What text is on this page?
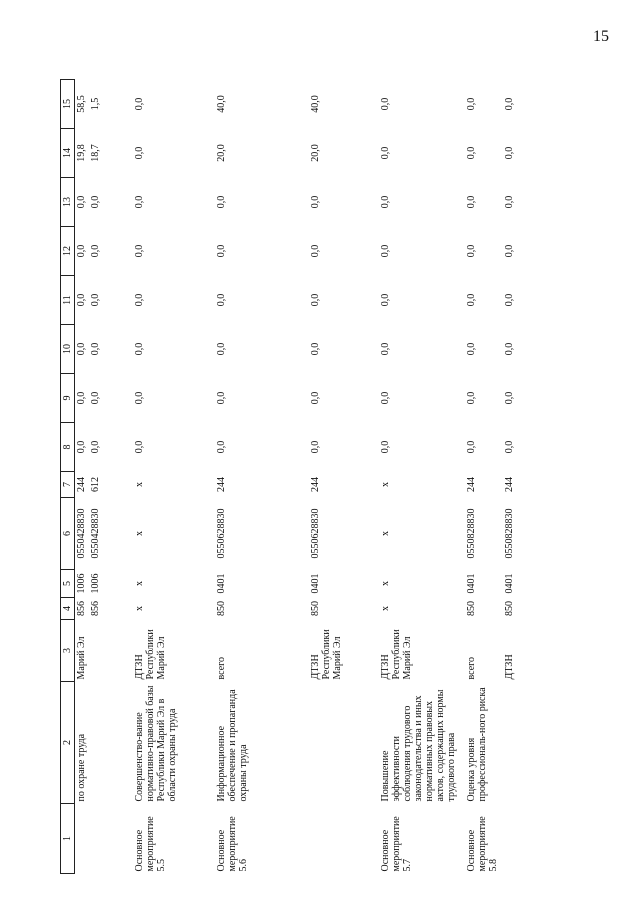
15
1	2	3	4	5	6	7	8	9	10	11	12	13	14	15
	по охране труда	Марий Эл	856	1006	0550428830	244	0,0	0,0	0,0	0,0	0,0	0,0	19,8	58,5
			856	1006	0550428830	612	0,0	0,0	0,0	0,0	0,0	0,0	18,7	1,5
Основное мероприятие 5.5	Совершенство-вание нормативно-правовой базы Республики Марий Эл в области охраны труда	ДТЗН Республики Марий Эл	х	х	х	х	0,0	0,0	0,0	0,0	0,0	0,0	0,0	0,0
Основное мероприятие 5.6	Информационное обеспечение и пропаганда охраны труда	всего	850	0401	0550628830	244	0,0	0,0	0,0	0,0	0,0	0,0	20,0	40,0
		ДТЗН Республики Марий Эл	850	0401	0550628830	244	0,0	0,0	0,0	0,0	0,0	0,0	20,0	40,0
Основное мероприятие 5.7	Повышение эффективности соблюдения трудового законодательства и иных нормативных правовых актов, содержащих нормы трудового права	ДТЗН Республики Марий Эл	х	х	х	х	0,0	0,0	0,0	0,0	0,0	0,0	0,0	0,0
Основное мероприятие 5.8	Оценка уровня профессиональ-ного риска	всего	850	0401	0550828830	244	0,0	0,0	0,0	0,0	0,0	0,0	0,0	0,0
		ДТЗН	850	0401	0550828830	244	0,0	0,0	0,0	0,0	0,0	0,0	0,0	0,0
